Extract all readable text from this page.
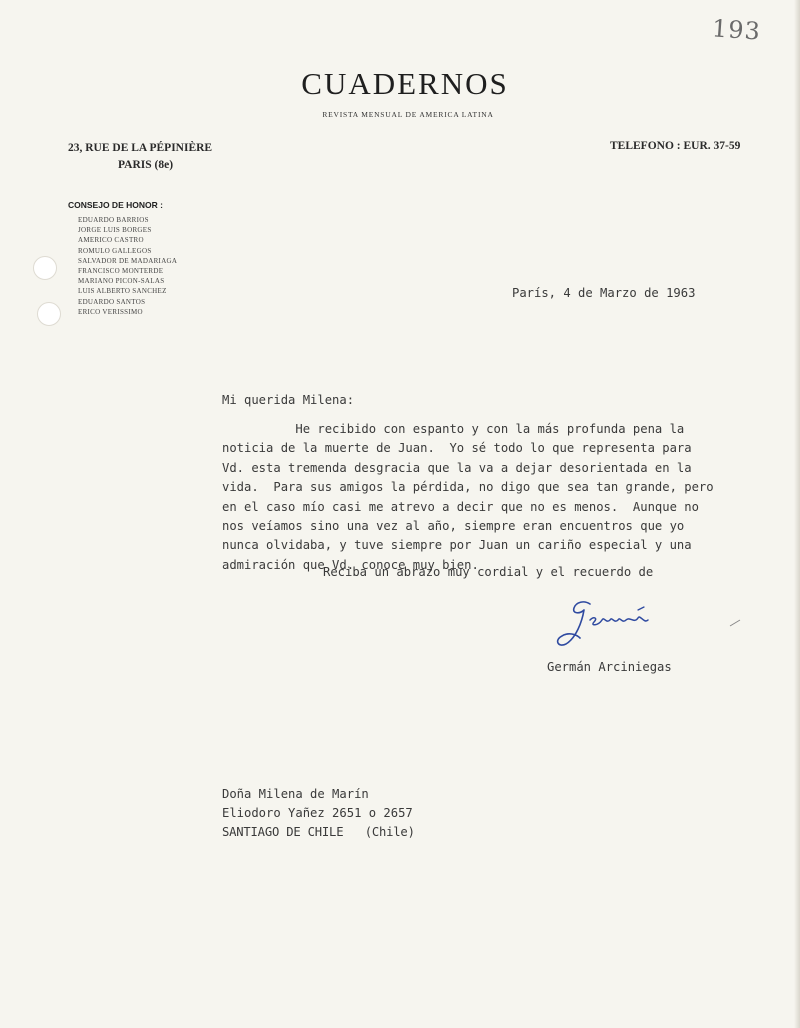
193
CUADERNOS
REVISTA MENSUAL DE AMERICA LATINA
23, RUE DE LA PÉPINIÈRE
PARIS (8e)
TELEFONO : EUR. 37-59
CONSEJO DE HONOR :
EDUARDO BARRIOS
JORGE LUIS BORGES
AMERICO CASTRO
ROMULO GALLEGOS
SALVADOR DE MADARIAGA
FRANCISCO MONTERDE
MARIANO PICON-SALAS
LUIS ALBERTO SANCHEZ
EDUARDO SANTOS
ERICO VERISSIMO
París, 4 de Marzo de 1963
Mi querida Milena:
He recibido con espanto y con la más profunda pena la
noticia de la muerte de Juan.  Yo sé todo lo que representa para
Vd. esta tremenda desgracia que la va a dejar desorientada en la
vida.  Para sus amigos la pérdida, no digo que sea tan grande, pero
en el caso mío casi me atrevo a decir que no es menos.  Aunque no
nos veíamos sino una vez al año, siempre eran encuentros que yo
nunca olvidaba, y tuve siempre por Juan un cariño especial y una
admiración que Vd. conoce muy bien.
Reciba un abrazo muy cordial y el recuerdo de
Germán Arciniegas
Doña Milena de Marín
Eliodoro Yañez 2651 o 2657
SANTIAGO DE CHILE   (Chile)
